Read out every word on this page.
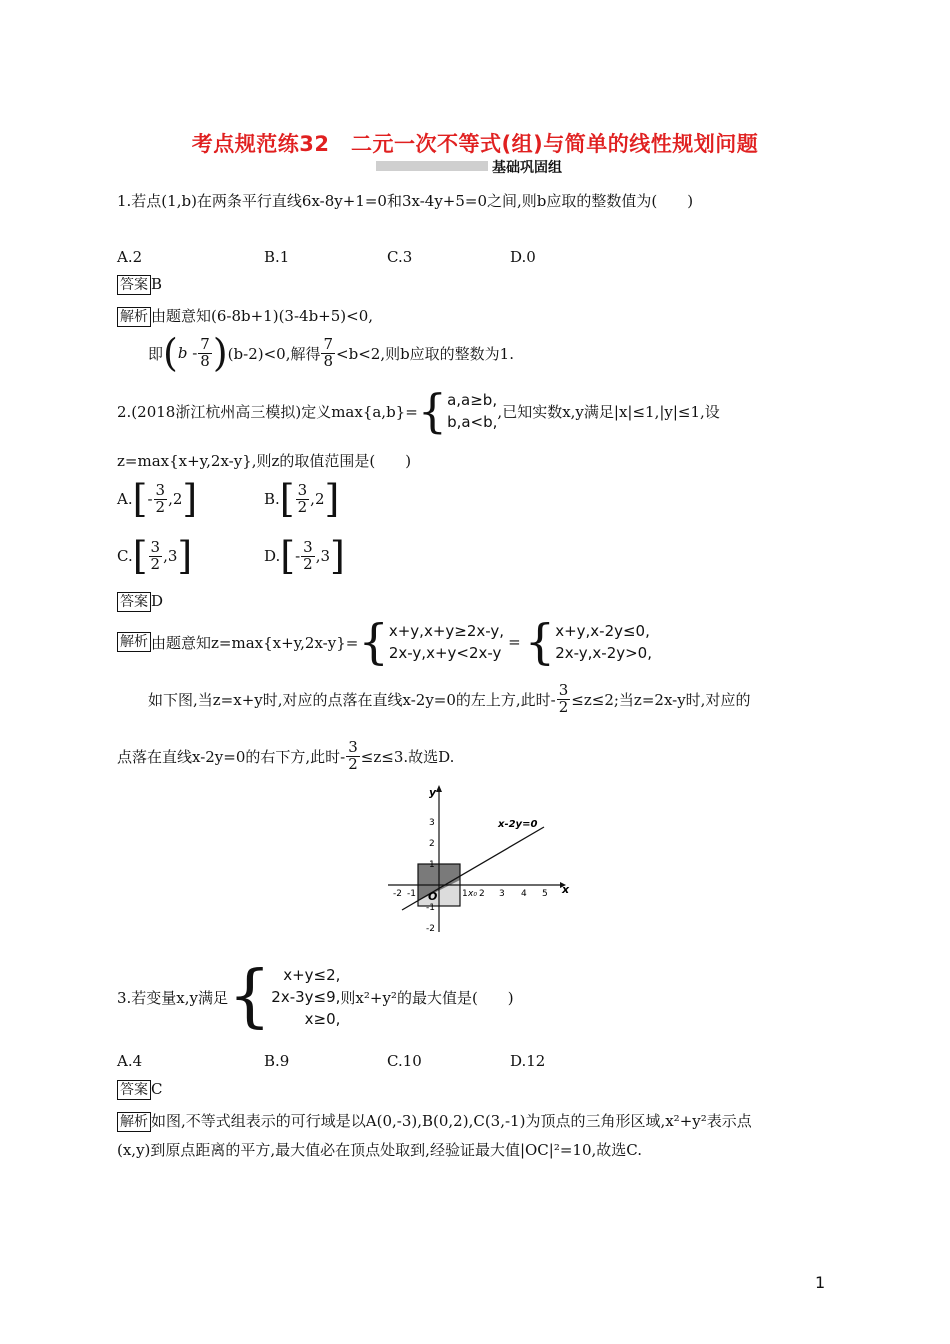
考点规范练32　二元一次不等式(组)与简单的线性规划问题
基础巩固组
1.若点(1,b)在两条平行直线6x-8y+1=0和3x-4y+5=0之间,则b应取的整数值为(　　)
A.2	B.1	C.3	D.0
答案 B
解析 由题意知(6-8b+1)(3-4b+5)<0,
即 ( b - $\frac{7}{8}$ ) (b-2)<0,解得 $\frac{7}{8} <b<2$,则b应取的整数为1.
2.(2018浙江杭州高三模拟)定义max{a,b}= { a,a≥b,
b,a<b,
,已知实数x,y满足|x|≤1,|y|≤1,设
z=max{x+y,2x-y},则z的取值范围是(　　)
A. [ - $\frac{3}{2}$ , 2 ]	B. [ $\frac{3}{2}$ , 2 ]
C. [ $\frac{3}{2}$ , 3 ]	D. [ - $\frac{3}{2}$ , 3 ]
答案 D
解析 由题意知z=max{x+y,2x-y}= { x+y,x+y≥2x-y,
2x-y,x+y<2x-y
= { x+y,x-2y≤0,
2x-y,x-2y>0,
如下图,当z=x+y时,对应的点落在直线x-2y=0的左上方,此时- $\frac{3}{2} \le z\le 2$;当z=2x-y时,对应的
点落在直线x-2y=0的右下方,此时- $\frac{3}{2} \le z\le 3$.故选D.
x
y
O
x-2y=0
-2 -1	1 x₀ 2 3 4 5
3
2
1
-1
-2
3.若变量x,y满足 { x+y≤2,
2x-3y≤9,
x≥0,
则x²+y²的最大值是(　　)
A.4	B.9	C.10	D.12
答案 C
解析 如图,不等式组表示的可行域是以A(0,-3),B(0,2),C(3,-1)为顶点的三角形区域,x²+y²表示点
(x,y)到原点距离的平方,最大值必在顶点处取到,经验证最大值|OC|²=10,故选C.
1
